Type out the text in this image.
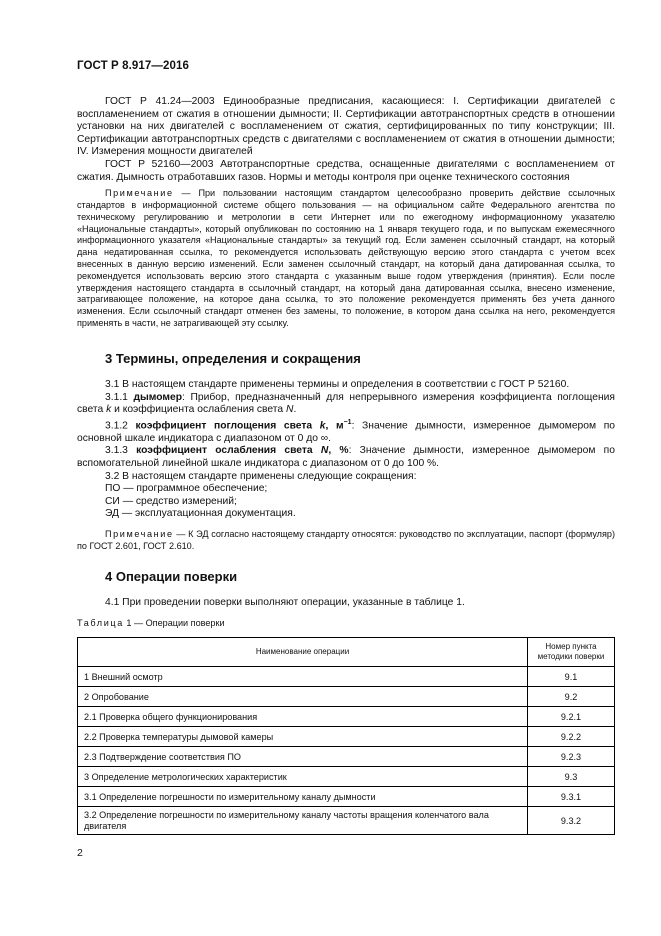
ГОСТ Р 8.917—2016

ГОСТ Р 41.24—2003 Единообразные предписания, касающиеся: I. Сертификации двигателей с воспламенением от сжатия в отношении дымности; II. Сертификации автотранспортных средств в отношении установки на них двигателей с воспламенением от сжатия, сертифицированных по типу конструкции; III. Сертификации автотранспортных средств с двигателями с воспламенением от сжатия в отношении дымности; IV. Измерения мощности двигателей

ГОСТ Р 52160—2003 Автотранспортные средства, оснащенные двигателями с воспламенением от сжатия. Дымность отработавших газов. Нормы и методы контроля при оценке технического состояния

Примечание — При пользовании настоящим стандартом целесообразно проверить действие ссылочных стандартов в информационной системе общего пользования — на официальном сайте Федерального агентства по техническому регулированию и метрологии в сети Интернет или по ежегодному информационному указателю «Национальные стандарты», который опубликован по состоянию на 1 января текущего года, и по выпускам ежемесячного информационного указателя «Национальные стандарты» за текущий год. Если заменен ссылочный стандарт, на который дана недатированная ссылка, то рекомендуется использовать действующую версию этого стандарта с учетом всех внесенных в данную версию изменений. Если заменен ссылочный стандарт, на который дана датированная ссылка, то рекомендуется использовать версию этого стандарта с указанным выше годом утверждения (принятия). Если после утверждения настоящего стандарта в ссылочный стандарт, на который дана датированная ссылка, внесено изменение, затрагивающее положение, на которое дана ссылка, то это положение рекомендуется применять без учета данного изменения. Если ссылочный стандарт отменен без замены, то положение, в котором дана ссылка на него, рекомендуется применять в части, не затрагивающей эту ссылку.

3 Термины, определения и сокращения

3.1 В настоящем стандарте применены термины и определения в соответствии с ГОСТ Р 52160.

3.1.1 дымомер: Прибор, предназначенный для непрерывного измерения коэффициента поглощения света k и коэффициента ослабления света N.

3.1.2 коэффициент поглощения света k, $м^{-1}$: Значение дымности, измеренное дымомером по основной шкале индикатора с диапазоном от 0 до ∞.

3.1.3 коэффициент ослабления света N, %: Значение дымности, измеренное дымомером по вспомогательной линейной шкале индикатора с диапазоном от 0 до 100 %.

3.2 В настоящем стандарте применены следующие сокращения:

ПО — программное обеспечение;

СИ — средство измерений;

ЭД — эксплуатационная документация.

Примечание — К ЭД согласно настоящему стандарту относятся: руководство по эксплуатации, паспорт (формуляр) по ГОСТ 2.601, ГОСТ 2.610.

4 Операции поверки

4.1 При проведении поверки выполняют операции, указанные в таблице 1.

Таблица 1 — Операции поверки

Наименование операции	Номер пункта методики поверки
1 Внешний осмотр	9.1
2 Опробование	9.2
2.1 Проверка общего функционирования	9.2.1
2.2 Проверка температуры дымовой камеры	9.2.2
2.3 Подтверждение соответствия ПО	9.2.3
3 Определение метрологических характеристик	9.3
3.1 Определение погрешности по измерительному каналу дымности	9.3.1
3.2 Определение погрешности по измерительному каналу частоты вращения коленчатого вала двигателя	9.3.2
2
